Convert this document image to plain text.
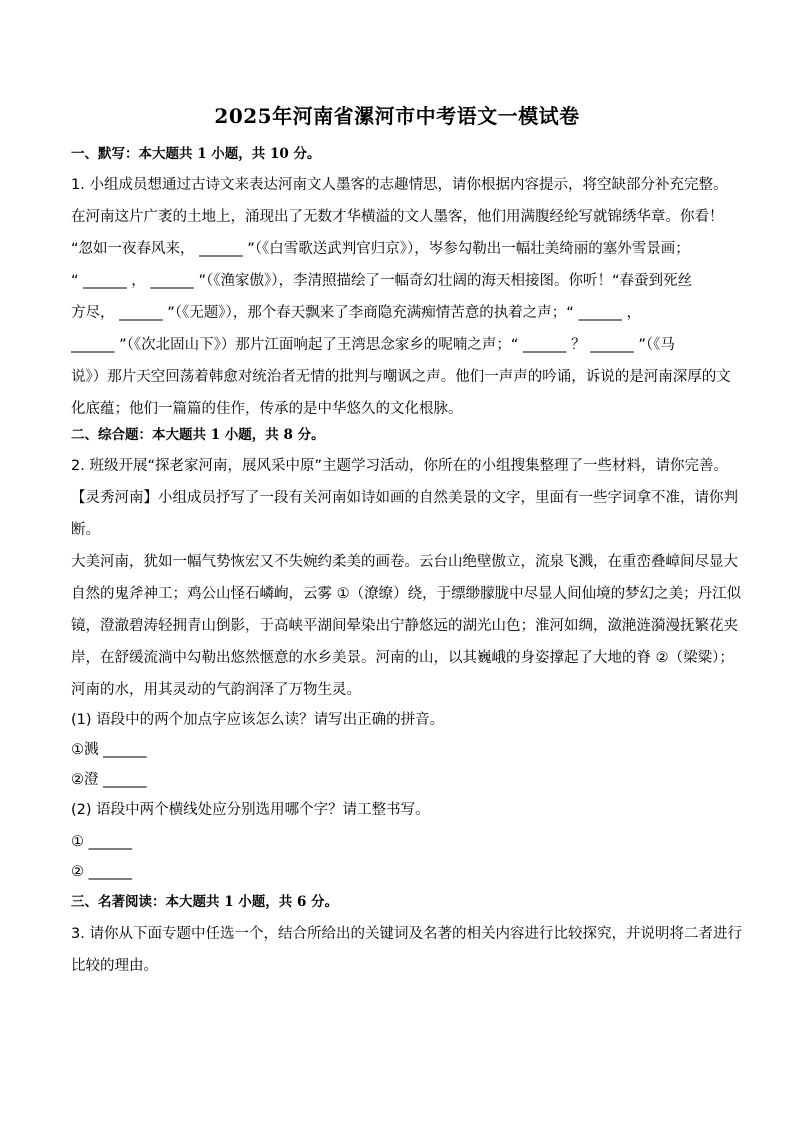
2025年河南省漯河市中考语文一模试卷
一、默写：本大题共 1 小题，共 10 分。
1. 小组成员想通过古诗文来表达河南文人墨客的志趣情思，请你根据内容提示，将空缺部分补充完整。
在河南这片广袤的土地上，涌现出了无数才华横溢的文人墨客，他们用满腹经纶写就锦绣华章。你看！
“忽如一夜春风来， ______ ”（《白雪歌送武判官归京》），岑参勾勒出一幅壮美绮丽的塞外雪景画；
“ ______ ， ______ ”（《渔家傲》），李清照描绘了一幅奇幻壮阔的海天相接图。你听！“春蚕到死丝
方尽， ______ ”（《无题》），那个春天飘来了李商隐充满痴情苦意的执着之声；“ ______ ，
______ ”（《次北固山下》）那片江面响起了王湾思念家乡的呢喃之声；“ ______ ？ ______ ”（《马
说》）那片天空回荡着韩愈对统治者无情的批判与嘲讽之声。他们一声声的吟诵，诉说的是河南深厚的文
化底蕴；他们一篇篇的佳作，传承的是中华悠久的文化根脉。
二、综合题：本大题共 1 小题，共 8 分。
2. 班级开展“探老家河南，展风采中原”主题学习活动，你所在的小组搜集整理了一些材料，请你完善。
【灵秀河南】小组成员抒写了一段有关河南如诗如画的自然美景的文字，里面有一些字词拿不准，请你判
断。
大美河南，犹如一幅气势恢宏又不失婉约柔美的画卷。云台山绝壁傲立，流泉飞溅，在重峦叠嶂间尽显大
自然的鬼斧神工；鸡公山怪石嶙峋，云雾 ①（潦缭）绕，于缥缈朦胧中尽显人间仙境的梦幻之美；丹江似
镜，澄澈碧涛轻拥青山倒影，于高峡平湖间晕染出宁静悠远的湖光山色；淮河如绸，潋滟涟漪漫抚繁花夹
岸，在舒缓流淌中勾勒出悠然惬意的水乡美景。河南的山，以其巍峨的身姿撑起了大地的脊 ②（梁粱）；
河南的水，用其灵动的气韵润泽了万物生灵。
(1) 语段中的两个加点字应该怎么读？请写出正确的拼音。
①溅 ______
②澄 ______
(2) 语段中两个横线处应分别选用哪个字？请工整书写。
① ______
② ______
三、名著阅读：本大题共 1 小题，共 6 分。
3. 请你从下面专题中任选一个，结合所给出的关键词及名著的相关内容进行比较探究，并说明将二者进行
比较的理由。
